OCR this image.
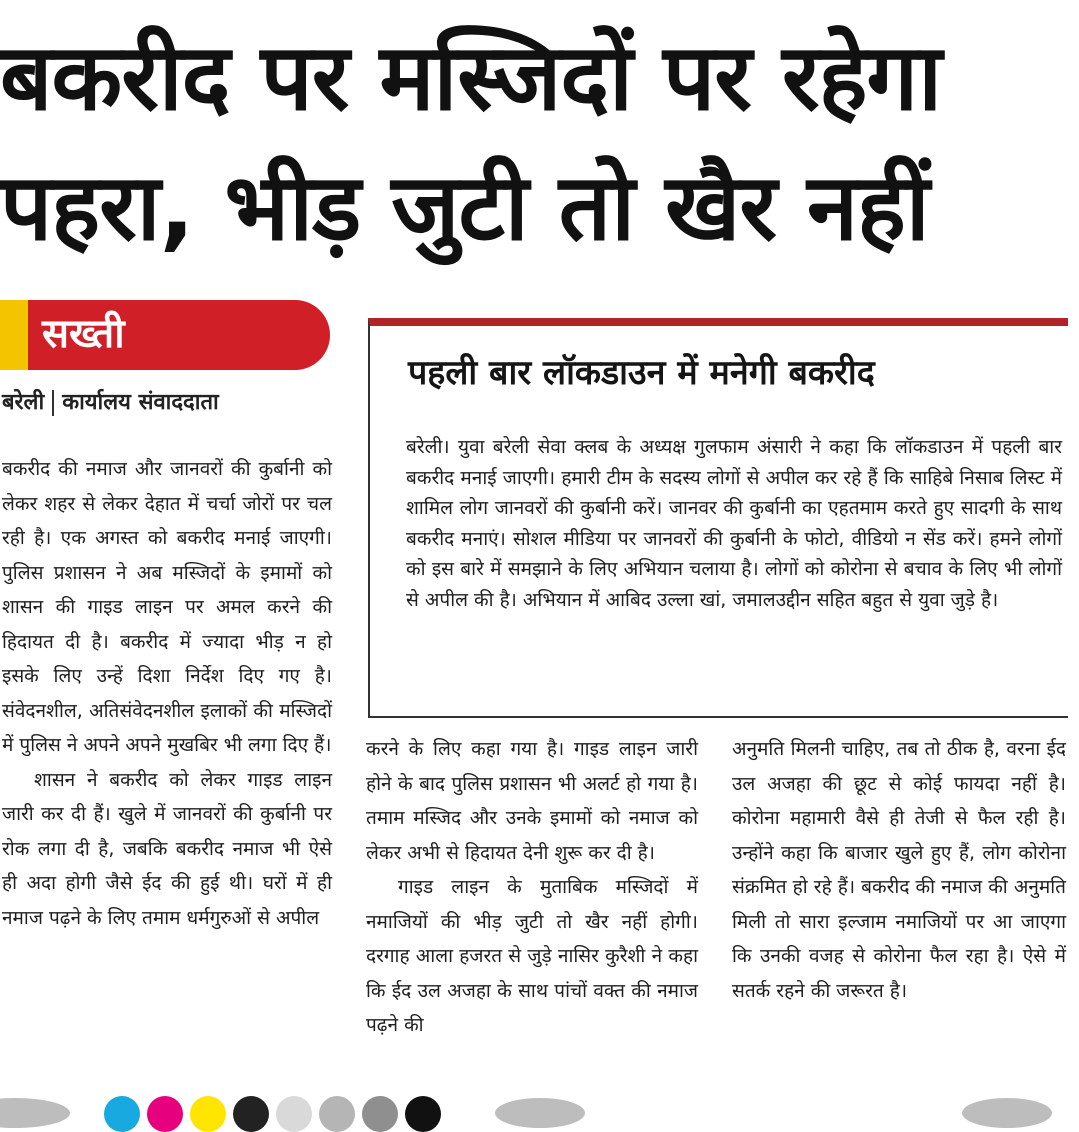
बकरीद पर मस्जिदों पर रहेगा
पहरा, भीड़ जुटी तो खैर नहीं
सख्ती
बरेली कार्यालय संवाददाता
पहली बार लॉकडाउन में मनेगी बकरीद
बरेली। युवा बरेली सेवा क्लब के अध्यक्ष गुलफाम अंसारी ने कहा कि लॉकडाउन में पहली बार बकरीद मनाई जाएगी। हमारी टीम के सदस्य लोगों से अपील कर रहे हैं कि साहिबे निसाब लिस्ट में शामिल लोग जानवरों की कुर्बानी करें। जानवर की कुर्बानी का एहतमाम करते हुए सादगी के साथ बकरीद मनाएं। सोशल मीडिया पर जानवरों की कुर्बानी के फोटो, वीडियो न सेंड करें। हमने लोगों को इस बारे में समझाने के लिए अभियान चलाया है। लोगों को कोरोना से बचाव के लिए भी लोगों से अपील की है। अभियान में आबिद उल्ला खां, जमालउद्दीन सहित बहुत से युवा जुड़े है।

बकरीद की नमाज और जानवरों की कुर्बानी को लेकर शहर से लेकर देहात में चर्चा जोरों पर चल रही है। एक अगस्त को बकरीद मनाई जाएगी। पुलिस प्रशासन ने अब मस्जिदों के इमामों को शासन की गाइड लाइन पर अमल करने की हिदायत दी है। बकरीद में ज्यादा भीड़ न हो इसके लिए उन्हें दिशा निर्देश दिए गए है। संवेदनशील, अतिसंवेदनशील इलाकों की मस्जिदों में पुलिस ने अपने अपने मुखबिर भी लगा दिए हैं।

शासन ने बकरीद को लेकर गाइड लाइन जारी कर दी हैं। खुले में जानवरों की कुर्बानी पर रोक लगा दी है, जबकि बकरीद नमाज भी ऐसे ही अदा होगी जैसे ईद की हुई थी। घरों में ही नमाज पढ़ने के लिए तमाम धर्मगुरुओं से अपील

करने के लिए कहा गया है। गाइड लाइन जारी होने के बाद पुलिस प्रशासन भी अलर्ट हो गया है। तमाम मस्जिद और उनके इमामों को नमाज को लेकर अभी से हिदायत देनी शुरू कर दी है।

गाइड लाइन के मुताबिक मस्जिदों में नमाजियों की भीड़ जुटी तो खैर नहीं होगी। दरगाह आला हजरत से जुड़े नासिर कुरैशी ने कहा कि ईद उल अजहा के साथ पांचों वक्त की नमाज पढ़ने की

अनुमति मिलनी चाहिए, तब तो ठीक है, वरना ईद उल अजहा की छूट से कोई फायदा नहीं है। कोरोना महामारी वैसे ही तेजी से फैल रही है। उन्होंने कहा कि बाजार खुले हुए हैं, लोग कोरोना संक्रमित हो रहे हैं। बकरीद की नमाज की अनुमति मिली तो सारा इल्जाम नमाजियों पर आ जाएगा कि उनकी वजह से कोरोना फैल रहा है। ऐसे में सतर्क रहने की जरूरत है।
